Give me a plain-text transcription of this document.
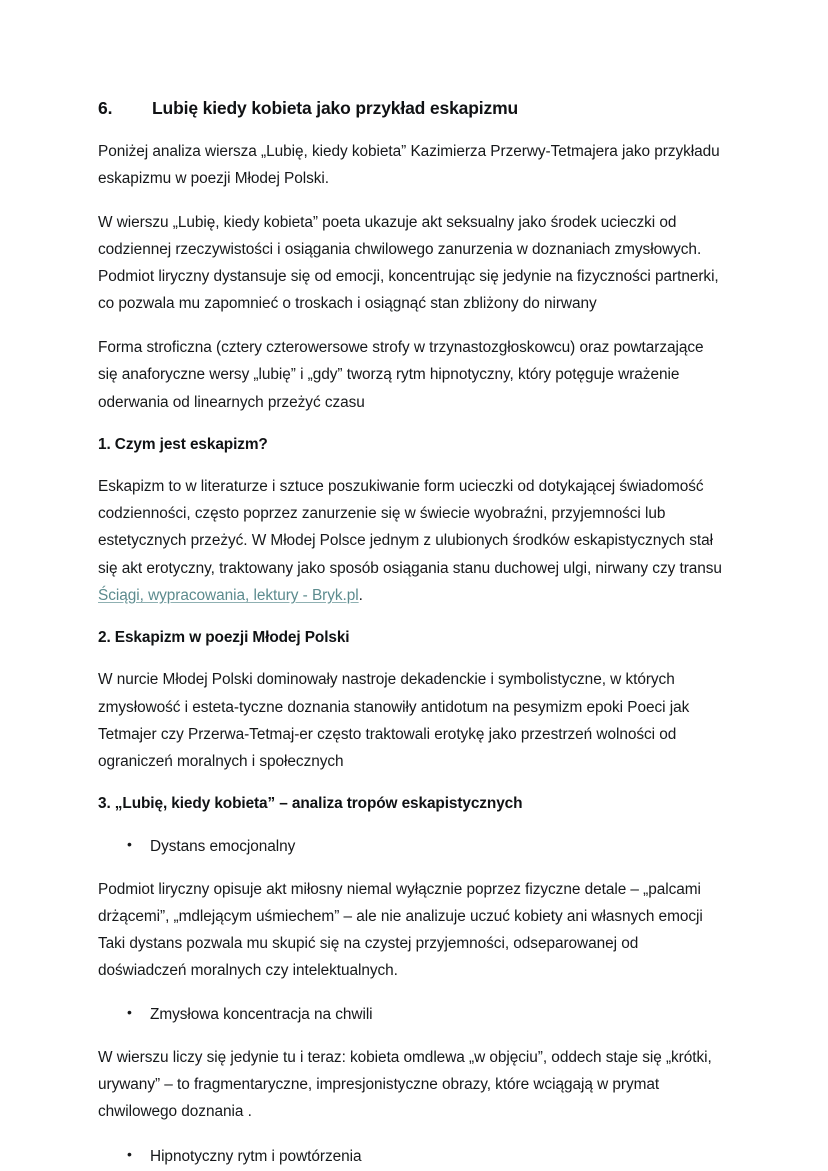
6.	Lubię kiedy kobieta jako przykład eskapizmu

Poniżej analiza wiersza „Lubię, kiedy kobieta” Kazimierza Przerwy-Tetmajera jako przykładu eskapizmu w poezji Młodej Polski.

W wierszu „Lubię, kiedy kobieta” poeta ukazuje akt seksualny jako środek ucieczki od codziennej rzeczywistości i osiągania chwilowego zanurzenia w doznaniach zmysłowych. Podmiot liryczny dystansuje się od emocji, koncentrując się jedynie na fizyczności partnerki, co pozwala mu zapomnieć o troskach i osiągnąć stan zbliżony do nirwany

Forma stroficzna (cztery czterowersowe strofy w trzynastozgłoskowcu) oraz powtarzające się anaforyczne wersy „lubię” i „gdy” tworzą rytm hipnotyczny, który potęguje wrażenie oderwania od linearnych przeżyć czasu

1. Czym jest eskapizm?

Eskapizm to w literaturze i sztuce poszukiwanie form ucieczki od dotykającej świadomość codzienności, często poprzez zanurzenie się w świecie wyobraźni, przyjemności lub estetycznych przeżyć. W Młodej Polsce jednym z ulubionych środków eskapistycznych stał się akt erotyczny, traktowany jako sposób osiągania stanu duchowej ulgi, nirwany czy transu Ściągi, wypracowania, lektury - Bryk.pl.

2. Eskapizm w poezji Młodej Polski

W nurcie Młodej Polski dominowały nastroje dekadenckie i symbolistyczne, w których zmysłowość i esteta-tyczne doznania stanowiły antidotum na pesymizm epoki Poeci jak Tetmajer czy Przerwa-Tetmaj-er często traktowali erotykę jako przestrzeń wolności od ograniczeń moralnych i społecznych

3. „Lubię, kiedy kobieta” – analiza tropów eskapistycznych
• Dystans emocjonalny

Podmiot liryczny opisuje akt miłosny niemal wyłącznie poprzez fizyczne detale – „palcami drżącemi”, „mdlejącym uśmiechem” – ale nie analizuje uczuć kobiety ani własnych emocji Taki dystans pozwala mu skupić się na czystej przyjemności, odseparowanej od doświadczeń moralnych czy intelektualnych.

• Zmysłowa koncentracja na chwili

W wierszu liczy się jedynie tu i teraz: kobieta omdlewa „w objęciu”, oddech staje się „krótki, urywany” – to fragmentaryczne, impresjonistyczne obrazy, które wciągają w prymat chwilowego doznania .

• Hipnotyczny rytm i powtórzenia
